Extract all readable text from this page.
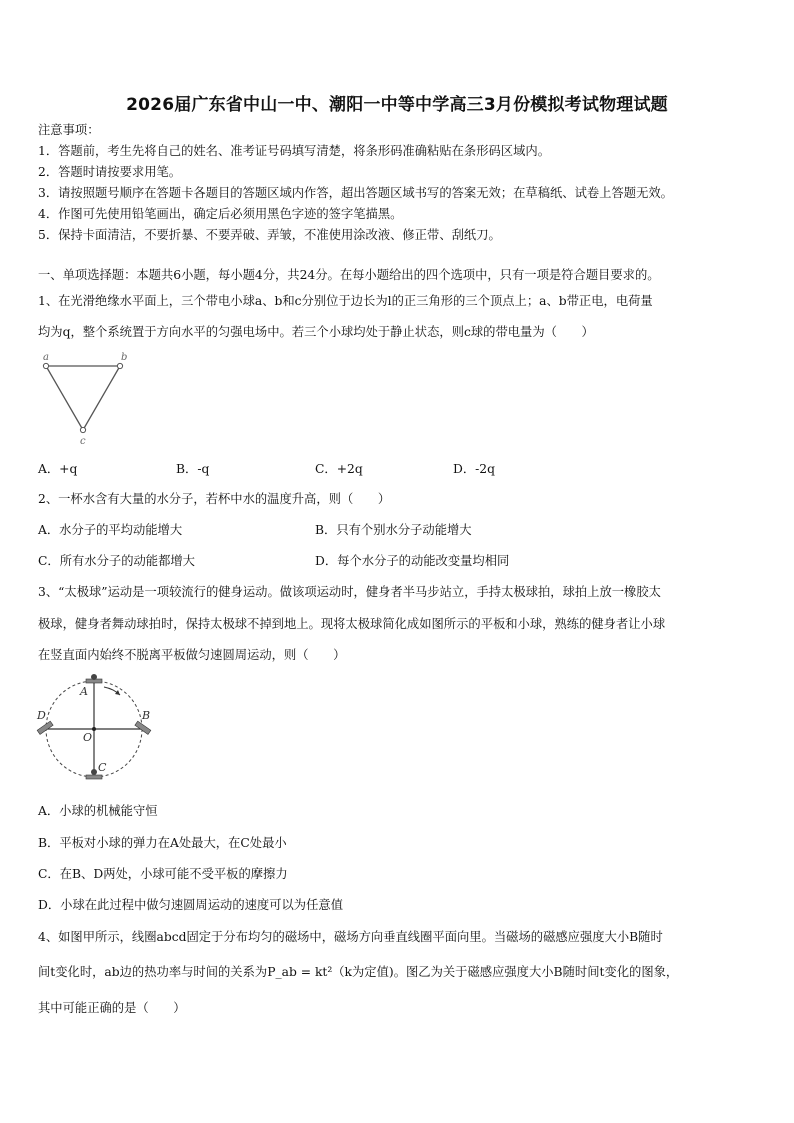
2026届广东省中山一中、潮阳一中等中学高三3月份模拟考试物理试题
注意事项：
1．答题前，考生先将自己的姓名、准考证号码填写清楚，将条形码准确粘贴在条形码区域内。
2．答题时请按要求用笔。
3．请按照题号顺序在答题卡各题目的答题区域内作答，超出答题区域书写的答案无效；在草稿纸、试卷上答题无效。
4．作图可先使用铅笔画出，确定后必须用黑色字迹的签字笔描黑。
5．保持卡面清洁，不要折暴、不要弄破、弄皱，不准使用涂改液、修正带、刮纸刀。
一、单项选择题：本题共6小题，每小题4分，共24分。在每小题给出的四个选项中，只有一项是符合题目要求的。
1、在光滑绝缘水平面上，三个带电小球a、b和c分别位于边长为l的正三角形的三个顶点上；a、b带正电，电荷量
均为q，整个系统置于方向水平的匀强电场中。若三个小球均处于静止状态，则c球的带电量为（　　）
a	b
c
A．+q	B．-q	C．+2q	D．-2q
2、一杯水含有大量的水分子，若杯中水的温度升高，则（　　）
A．水分子的平均动能增大	B．只有个别水分子动能增大
C．所有水分子的动能都增大	D．每个水分子的动能改变量均相同
3、“太极球”运动是一项较流行的健身运动。做该项运动时，健身者半马步站立，手持太极球拍，球拍上放一橡胶太
极球，健身者舞动球拍时，保持太极球不掉到地上。现将太极球简化成如图所示的平板和小球，熟练的健身者让小球
在竖直面内始终不脱离平板做匀速圆周运动，则（　　）
A
B
C
D
O
A．小球的机械能守恒
B．平板对小球的弹力在A处最大，在C处最小
C．在B、D两处，小球可能不受平板的摩擦力
D．小球在此过程中做匀速圆周运动的速度可以为任意值
4、如图甲所示，线圈abcd固定于分布均匀的磁场中，磁场方向垂直线圈平面向里。当磁场的磁感应强度大小B随时
间t变化时，ab边的热功率与时间的关系为P_ab = kt²（k为定值)。图乙为关于磁感应强度大小B随时间t变化的图象，
其中可能正确的是（　　）
